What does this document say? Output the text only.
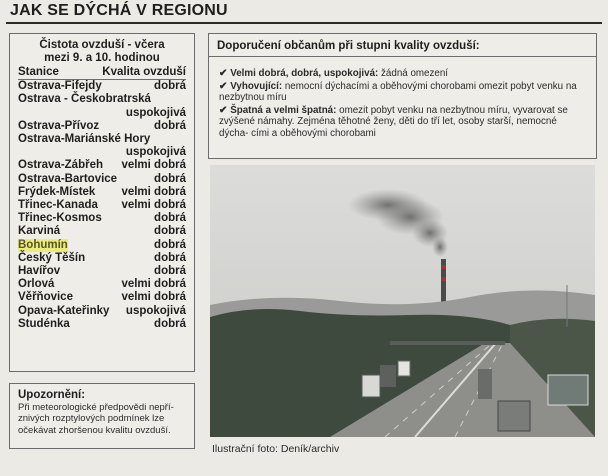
JAK SE DÝCHÁ V REGIONU
Čistota ovzduší - včera
mezi 9. a 10. hodinou
Stanice	Kvalita ovzduší
Ostrava-Fifejdy	dobrá
Ostrava - Českobratrská
uspokojivá
Ostrava-Přívoz	dobrá
Ostrava-Mariánské Hory
uspokojivá
Ostrava-Zábřeh velmi dobrá
Ostrava-Bartovice	dobrá
Frýdek-Místek velmi dobrá
Třinec-Kanada velmi dobrá
Třinec-Kosmos	dobrá
Karviná	dobrá
Bohumín	dobrá
Český Těšín	dobrá
Havířov	dobrá
Orlová	velmi dobrá
Věřňovice	velmi dobrá
Opava-Kateřinky uspokojivá
Studénka	dobrá
Upozornění:
Při meteorologické předpovědi nepří- znivých rozptylových podmínek lze očekávat zhoršenou kvalitu ovzduší.
Doporučení občanům při stupni kvality ovzduší:
✔ Velmi dobrá, dobrá, uspokojivá: žádná omezení
✔ Vyhovující: nemocní dýchacími a oběhovými chorobami omezit pobyt venku na nezbytnou míru
✔ Špatná a velmi špatná: omezit pobyt venku na nezbytnou míru, vyvarovat se zvýšené námahy. Zejména těhotné ženy, děti do tří let, osoby starší, nemocné dýcha- cími a oběhovými chorobami
Ilustrační foto: Deník/archiv
